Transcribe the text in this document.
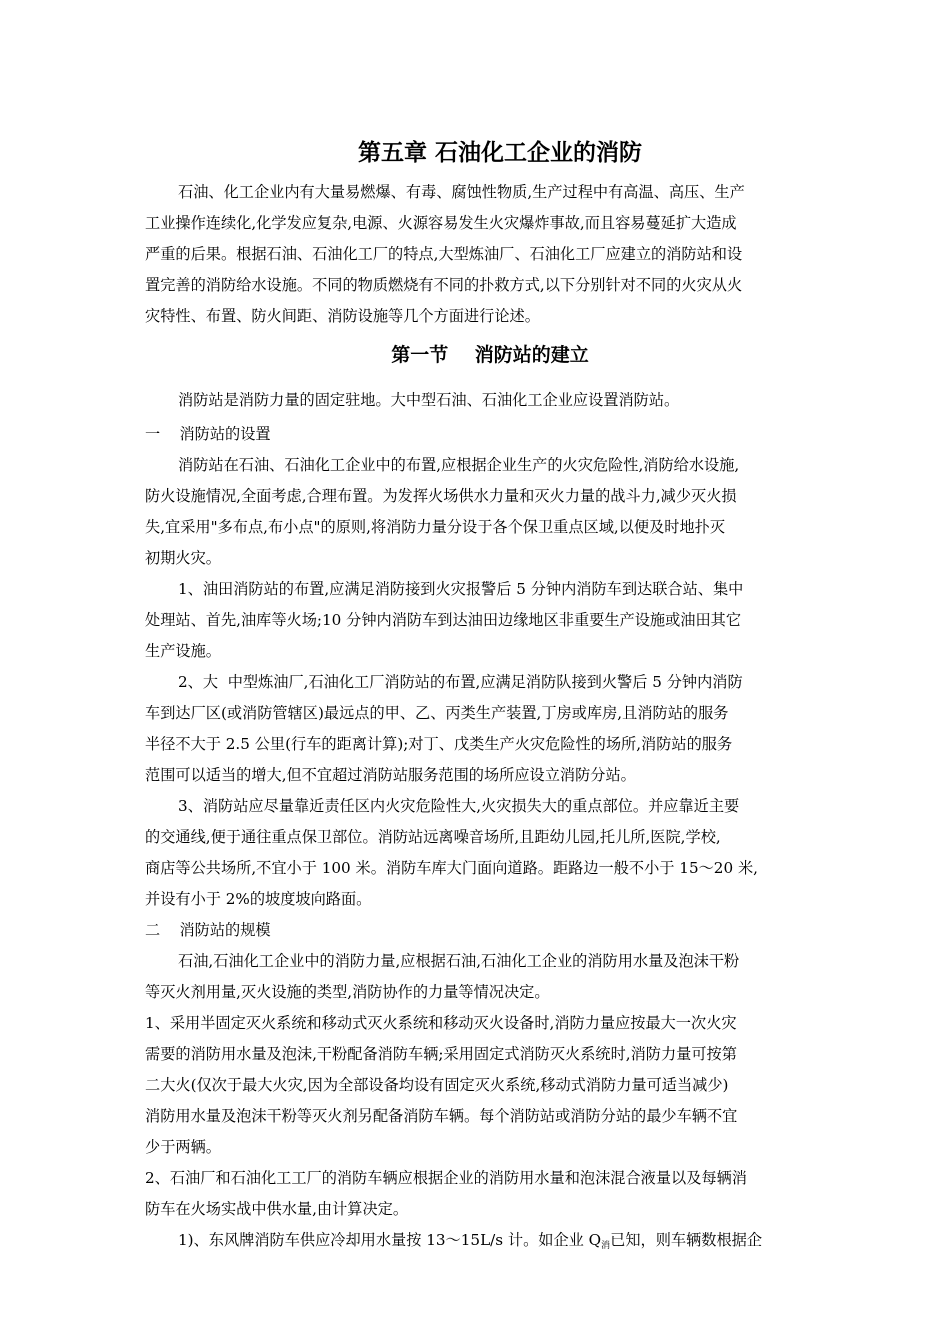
第五章 石油化工企业的消防
石油、化工企业内有大量易燃爆、有毒、腐蚀性物质,生产过程中有高温、高压、生产
工业操作连续化,化学发应复杂,电源、火源容易发生火灾爆炸事故,而且容易蔓延扩大造成
严重的后果。根据石油、石油化工厂的特点,大型炼油厂、石油化工厂应建立的消防站和设
置完善的消防给水设施。不同的物质燃烧有不同的扑救方式,以下分别针对不同的火灾从火
灾特性、布置、防火间距、消防设施等几个方面进行论述。
第一节    消防站的建立
消防站是消防力量的固定驻地。大中型石油、石油化工企业应设置消防站。
一    消防站的设置
消防站在石油、石油化工企业中的布置,应根据企业生产的火灾危险性,消防给水设施,
防火设施情况,全面考虑,合理布置。为发挥火场供水力量和灭火力量的战斗力,减少灭火损
失,宜采用"多布点,布小点"的原则,将消防力量分设于各个保卫重点区域,以便及时地扑灭
初期火灾。
1、油田消防站的布置,应满足消防接到火灾报警后 5 分钟内消防车到达联合站、集中
处理站、首先,油库等火场;10 分钟内消防车到达油田边缘地区非重要生产设施或油田其它
生产设施。
2、大  中型炼油厂,石油化工厂消防站的布置,应满足消防队接到火警后 5 分钟内消防
车到达厂区(或消防管辖区)最远点的甲、乙、丙类生产装置,丁房或库房,且消防站的服务
半径不大于 2.5 公里(行车的距离计算);对丁、戊类生产火灾危险性的场所,消防站的服务
范围可以适当的增大,但不宜超过消防站服务范围的场所应设立消防分站。
3、消防站应尽量靠近责任区内火灾危险性大,火灾损失大的重点部位。并应靠近主要
的交通线,便于通往重点保卫部位。消防站远离噪音场所,且距幼儿园,托儿所,医院,学校,
商店等公共场所,不宜小于 100 米。消防车库大门面向道路。距路边一般不小于 15～20 米,
并设有小于 2%的坡度坡向路面。
二    消防站的规模
石油,石油化工企业中的消防力量,应根据石油,石油化工企业的消防用水量及泡沫干粉
等灭火剂用量,灭火设施的类型,消防协作的力量等情况决定。
1、采用半固定灭火系统和移动式灭火系统和移动灭火设备时,消防力量应按最大一次火灾
需要的消防用水量及泡沫,干粉配备消防车辆;采用固定式消防灭火系统时,消防力量可按第
二大火(仅次于最大火灾,因为全部设备均设有固定灭火系统,移动式消防力量可适当减少)
消防用水量及泡沫干粉等灭火剂另配备消防车辆。每个消防站或消防分站的最少车辆不宜
少于两辆。
2、石油厂和石油化工工厂的消防车辆应根据企业的消防用水量和泡沫混合液量以及每辆消
防车在火场实战中供水量,由计算决定。
1)、东风牌消防车供应冷却用水量按 13～15L/s 计。如企业 $Q_消$已知，则车辆数根据企
